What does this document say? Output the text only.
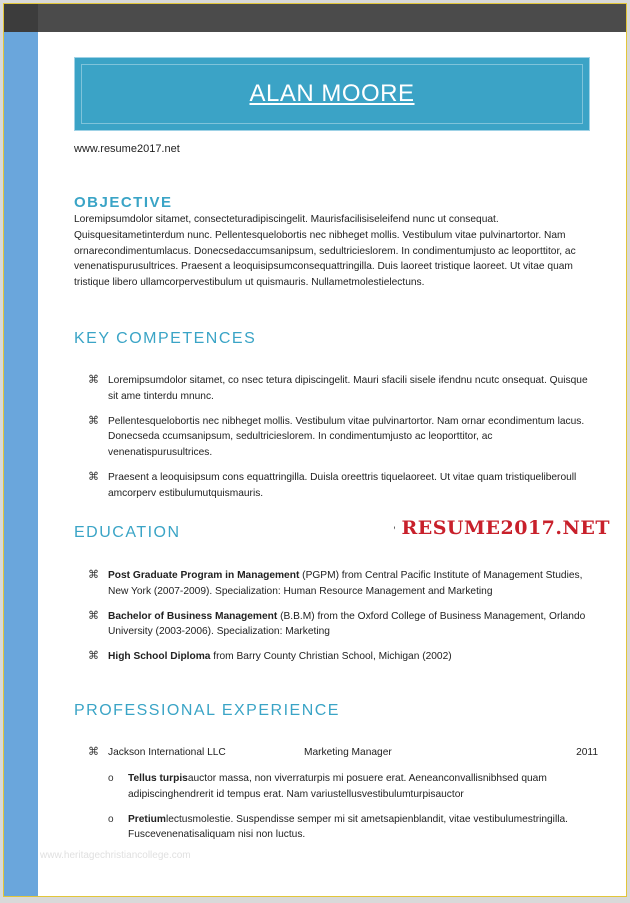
ALAN MOORE
www.resume2017.net
OBJECTIVE
Loremipsumdolor sitamet, consecteturadipiscingelit. Maurisfacilisiseleifend nunc ut consequat. Quisquesitametinterdum nunc. Pellentesquelobortis nec nibheget mollis. Vestibulum vitae pulvinartortor. Nam ornarecondimentumlacus. Donecsedaccumsanipsum, sedultricieslorem. In condimentumjusto ac leoporttitor, ac venenatispurusultrices. Praesent a leoquisipsumconsequattringilla. Duis laoreet tristique laoreet. Ut vitae quam tristique libero ullamcorpervestibulum ut quismauris. Nullametmolestielectuns.
KEY COMPETENCES
⌘ Loremipsumdolor sitamet, co nsec tetura dipiscingelit. Mauri sfacili sisele ifendnu ncutc onsequat. Quisque sit ame tinterdu mnunc.
⌘ Pellentesquelobortis nec nibheget mollis. Vestibulum vitae pulvinartortor. Nam ornar econdimentum lacus. Donecseda ccumsanipsum, sedultricieslorem. In condimentumjusto ac leoporttitor, ac venenatispurusultrices.
⌘ Praesent a leoquisipsum cons equattringilla. Duisla oreettris tiquelaoreet. Ut vitae quam tristiqueliberoull amcorperv estibulumutquismauris.
EDUCATION	RESUME2017.NET
⌘ Post Graduate Program in Management (PGPM) from Central Pacific Institute of Management Studies, New York (2007-2009). Specialization: Human Resource Management and Marketing
⌘ Bachelor of Business Management (B.B.M) from the Oxford College of Business Management, Orlando University (2003-2006). Specialization: Marketing
⌘ High School Diploma from Barry County Christian School, Michigan (2002)
PROFESSIONAL EXPERIENCE
⌘ Jackson International LLC	Marketing Manager	2011
o Tellus turpisauctor massa, non viverraturpis mi posuere erat. Aeneanconvallisnibhsed quam adipiscinghendrerit id tempus erat. Nam variustellusvestibulumturpisauctor
o Pretiumlectusmolestie. Suspendisse semper mi sit ametsapienblandit, vitae vestibulumestringilla. Fuscevenenatisaliquam nisi non luctus.
www.heritagechristiancollege.com
